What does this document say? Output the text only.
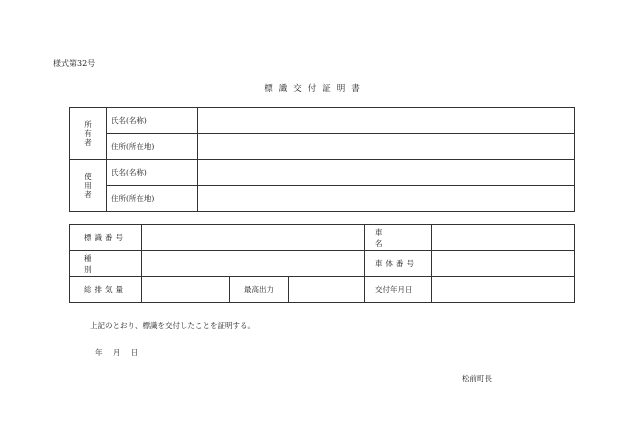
様式第32号
標識交付証明書
所有者	氏名(名称)	
	住所(所在地)	
使用者	氏名(名称)	
	住所(所在地)	
標識番号				車名	
種別				車体番号	
総排気量		最高出力		交付年月日	
上記のとおり、標識を交付したことを証明する。
年 月 日
松前町長
